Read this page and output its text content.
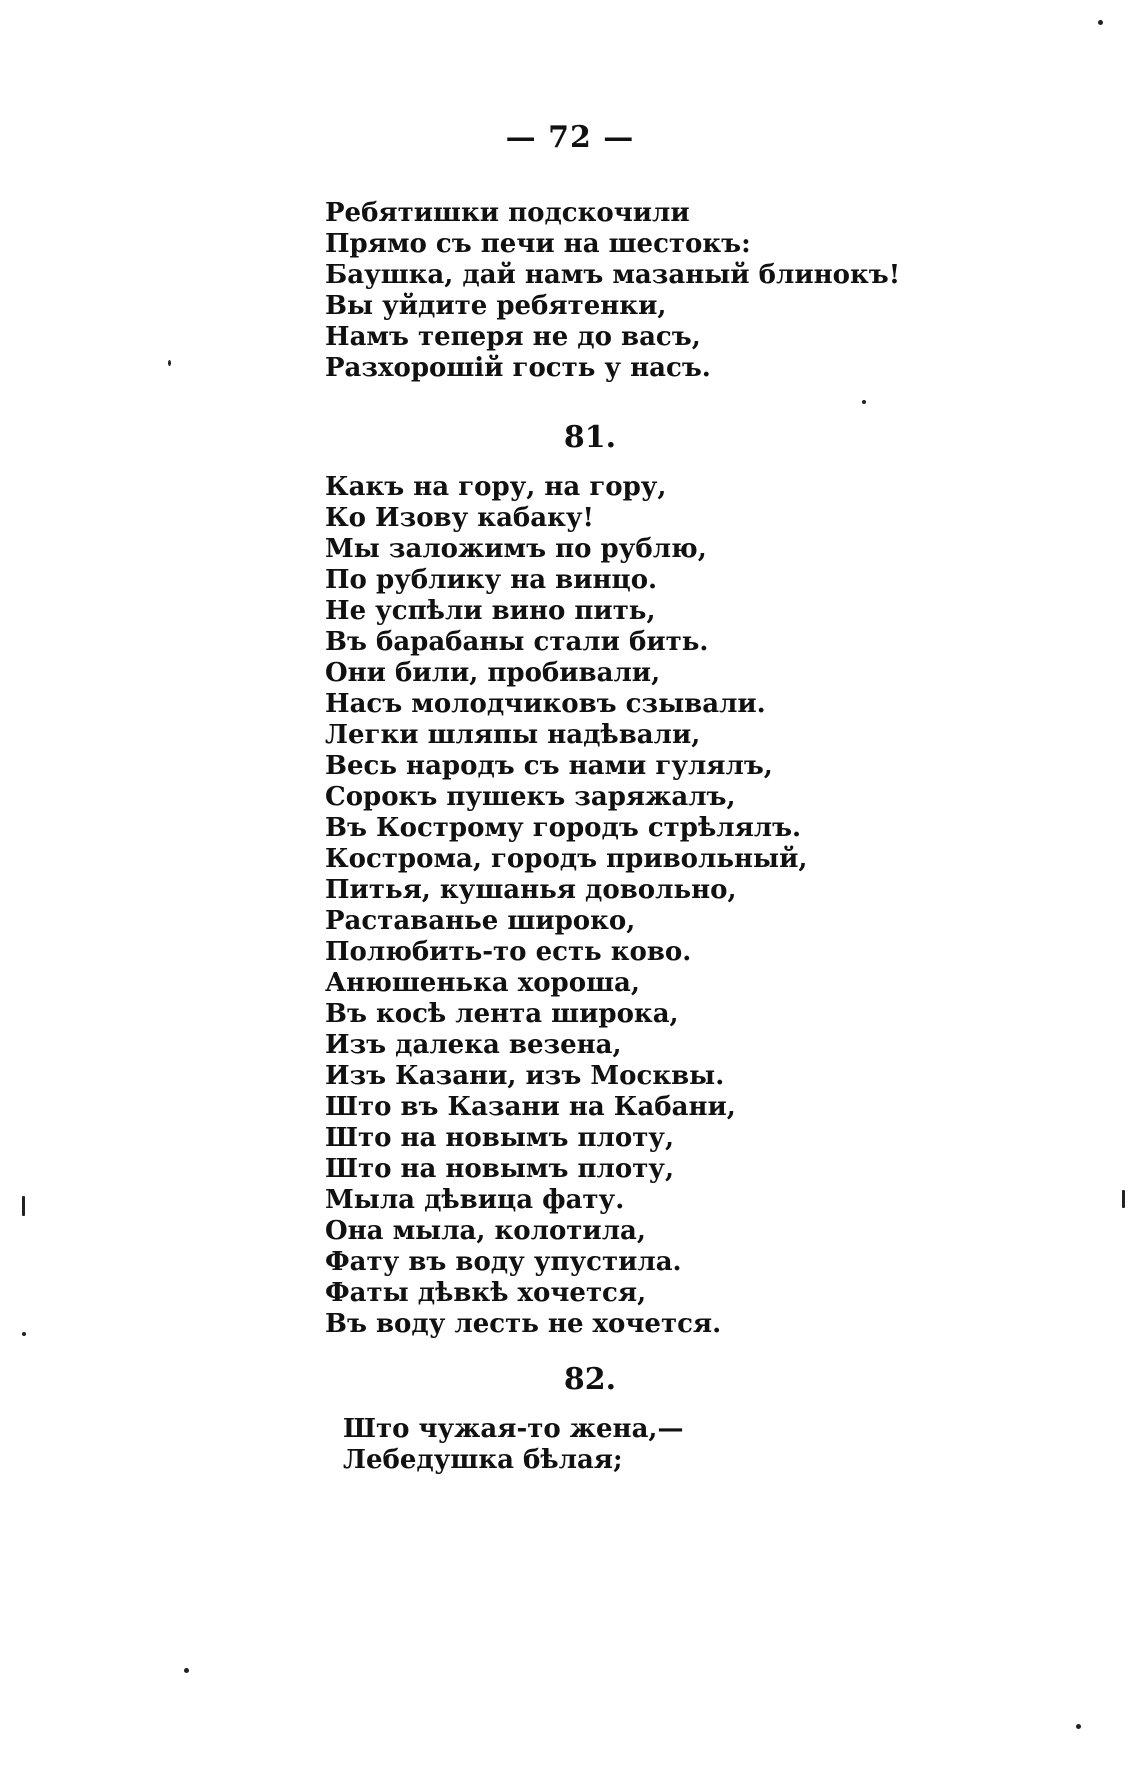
— 72 —
Ребятишки подскочили
Прямо съ печи на шестокъ:
Баушка, дай намъ мазаный блинокъ!
Вы уйдите ребятенки,
Намъ теперя не до васъ,
Разхорошій гость у насъ.
81.
Какъ на гору, на гору,
Ко Изову кабаку!
Мы заложимъ по рублю,
По рублику на винцо.
Не успѣли вино пить,
Въ барабаны стали бить.
Они били, пробивали,
Насъ молодчиковъ сзывали.
Легки шляпы надѣвали,
Весь народъ съ нами гулялъ,
Сорокъ пушекъ заряжалъ,
Въ Кострому городъ стрѣлялъ.
Кострома, городъ привольный,
Питья, кушанья довольно,
Раставанье широко,
Полюбить-то есть ково.
Анюшенька хороша,
Въ косѣ лента широка,
Изъ далека везена,
Изъ Казани, изъ Москвы.
Што въ Казани на Кабани,
Што на новымъ плоту,
Што на новымъ плоту,
Мыла дѣвица фату.
Она мыла, колотила,
Фату въ воду упустила.
Фаты дѣвкѣ хочется,
Въ воду лесть не хочется.
82.
Што чужая-то жена,—
Лебедушка бѣлая;
